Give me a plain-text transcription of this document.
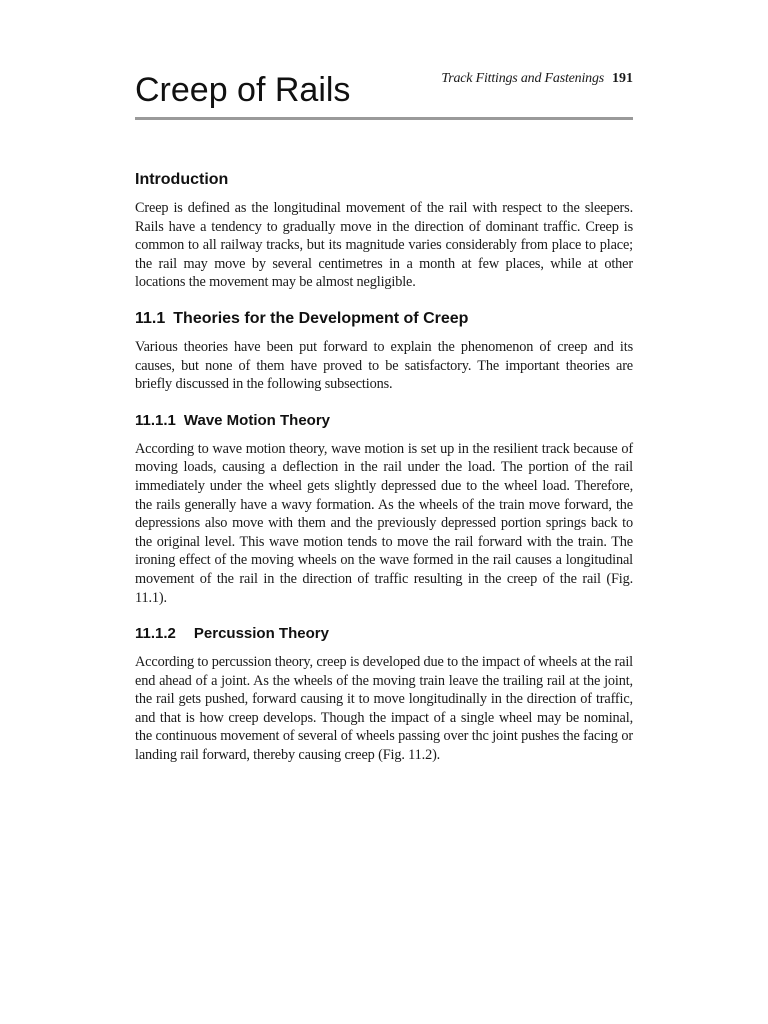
Creep of Rails	Track Fittings and Fastenings 191
Introduction

Creep is defined as the longitudinal movement of the rail with respect to the sleepers. Rails have a tendency to gradually move in the direction of dominant traffic. Creep is common to all railway tracks, but its magnitude varies considerably from place to place; the rail may move by several centimetres in a month at few places, while at other locations the movement may be almost negligible.

11.1 Theories for the Development of Creep

Various theories have been put forward to explain the phenomenon of creep and its causes, but none of them have proved to be satisfactory. The important theories are briefly discussed in the following subsections.

11.1.1 Wave Motion Theory

According to wave motion theory, wave motion is set up in the resilient track because of moving loads, causing a deflection in the rail under the load. The portion of the rail immediately under the wheel gets slightly depressed due to the wheel load. Therefore, the rails generally have a wavy formation. As the wheels of the train move forward, the depressions also move with them and the previously depressed portion springs back to the original level. This wave motion tends to move the rail forward with the train. The ironing effect of the moving wheels on the wave formed in the rail causes a longitudinal movement of the rail in the direction of traffic resulting in the creep of the rail (Fig. 11.1).

11.1.2 Percussion Theory

According to percussion theory, creep is developed due to the impact of wheels at the rail end ahead of a joint. As the wheels of the moving train leave the trailing rail at the joint, the rail gets pushed, forward causing it to move longitudinally in the direction of traffic, and that is how creep develops. Though the impact of a single wheel may be nominal, the continuous movement of several of wheels passing over thc joint pushes the facing or landing rail forward, thereby causing creep (Fig. 11.2).
